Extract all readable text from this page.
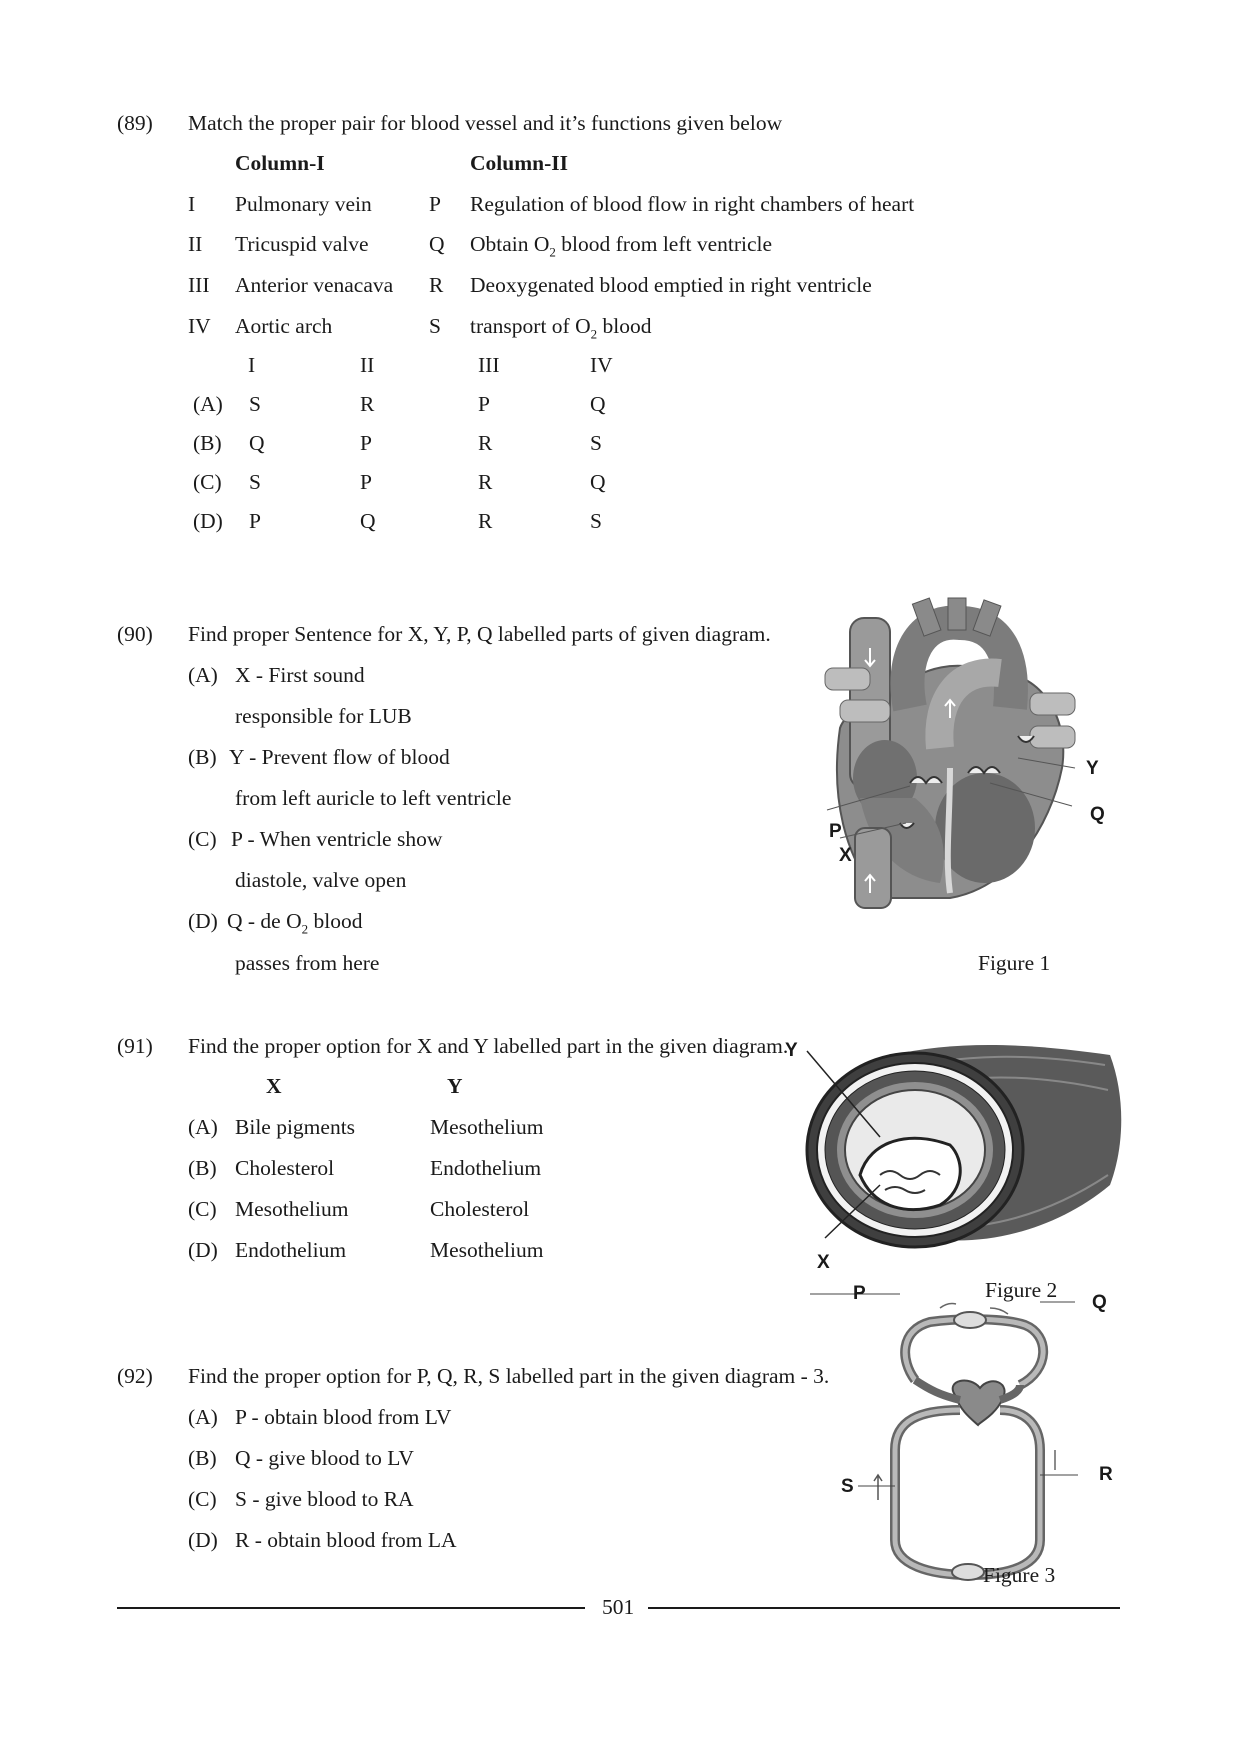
(89) Match the proper pair for blood vessel and it’s functions given below
Column-I	Column-II
I Pulmonary vein	P Regulation of blood flow in right chambers of heart
II Tricuspid valve	Q Obtain $O_2$ blood from left ventricle
III Anterior venacava R Deoxygenated blood emptied in right ventricle
IV Aortic arch	S transport of $O_2$ blood
I	II	III	IV
(A) S	R	P	Q
(B) Q	P	R	S
(C) S	P	R	Q
(D) P	Q	R	S
(90) Find proper Sentence for X, Y, P, Q labelled parts of given diagram.
(A) X - First sound
responsible for LUB
(B) Y - Prevent flow of blood
from left auricle to left ventricle
(C) P - When ventricle show
diastole, valve open
(D) Q - de $O_2$ blood
passes from here
Y
Q
P
X
Figure 1
(91) Find the proper option for X and Y labelled part in the given diagram.
X	Y
(A) Bile pigments	Mesothelium
(B) Cholesterol	Endothelium
(C) Mesothelium	Cholesterol
(D) Endothelium	Mesothelium
Y
X
Figure 2
(92) Find the proper option for P, Q, R, S labelled part in the given diagram - 3.
(A) P - obtain blood from LV
(B) Q - give blood to LV
(C) S - give blood to RA
(D) R - obtain blood from LA
P	Q
R
S
Figure 3
501
